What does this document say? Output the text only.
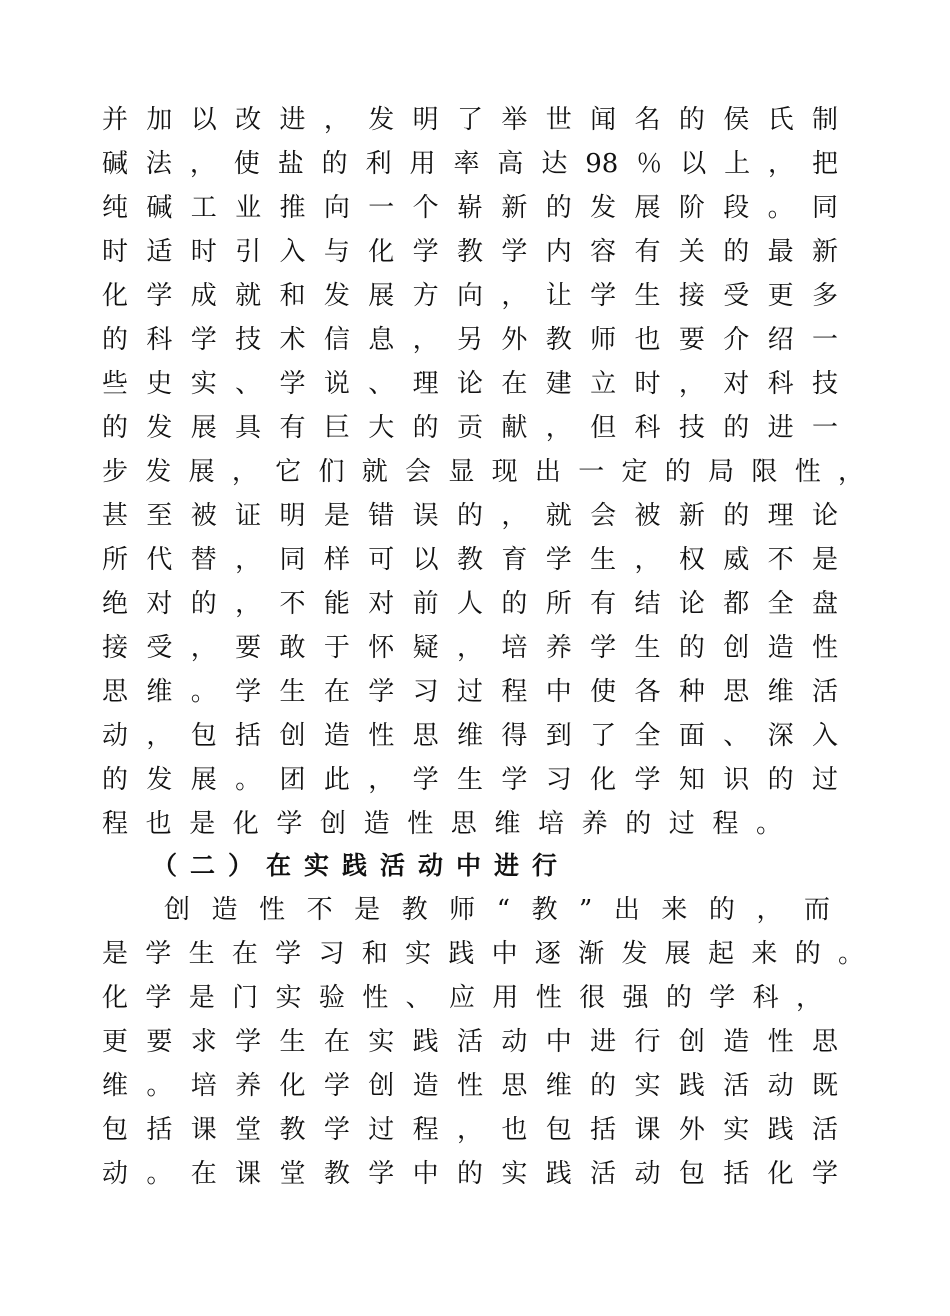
并加以改进，发明了举世闻名的侯氏制
碱法，使盐的利用率高达98％以上，把
纯碱工业推向一个崭新的发展阶段。同
时适时引入与化学教学内容有关的最新
化学成就和发展方向，让学生接受更多
的科学技术信息，另外教师也要介绍一
些史实、学说、理论在建立时，对科技
的发展具有巨大的贡献，但科技的进一
步发展，它们就会显现出一定的局限性，
甚至被证明是错误的，就会被新的理论
所代替，同样可以教育学生，权威不是
绝对的，不能对前人的所有结论都全盘
接受，要敢于怀疑，培养学生的创造性
思维。学生在学习过程中使各种思维活
动，包括创造性思维得到了全面、深入
的发展。团此，学生学习化学知识的过
程也是化学创造性思维培养的过程。
（二）在实践活动中进行
创造性不是教师“教”出来的，而
是学生在学习和实践中逐渐发展起来的。
化学是门实验性、应用性很强的学科，
更要求学生在实践活动中进行创造性思
维。培养化学创造性思维的实践活动既
包括课堂教学过程，也包括课外实践活
动。在课堂教学中的实践活动包括化学
